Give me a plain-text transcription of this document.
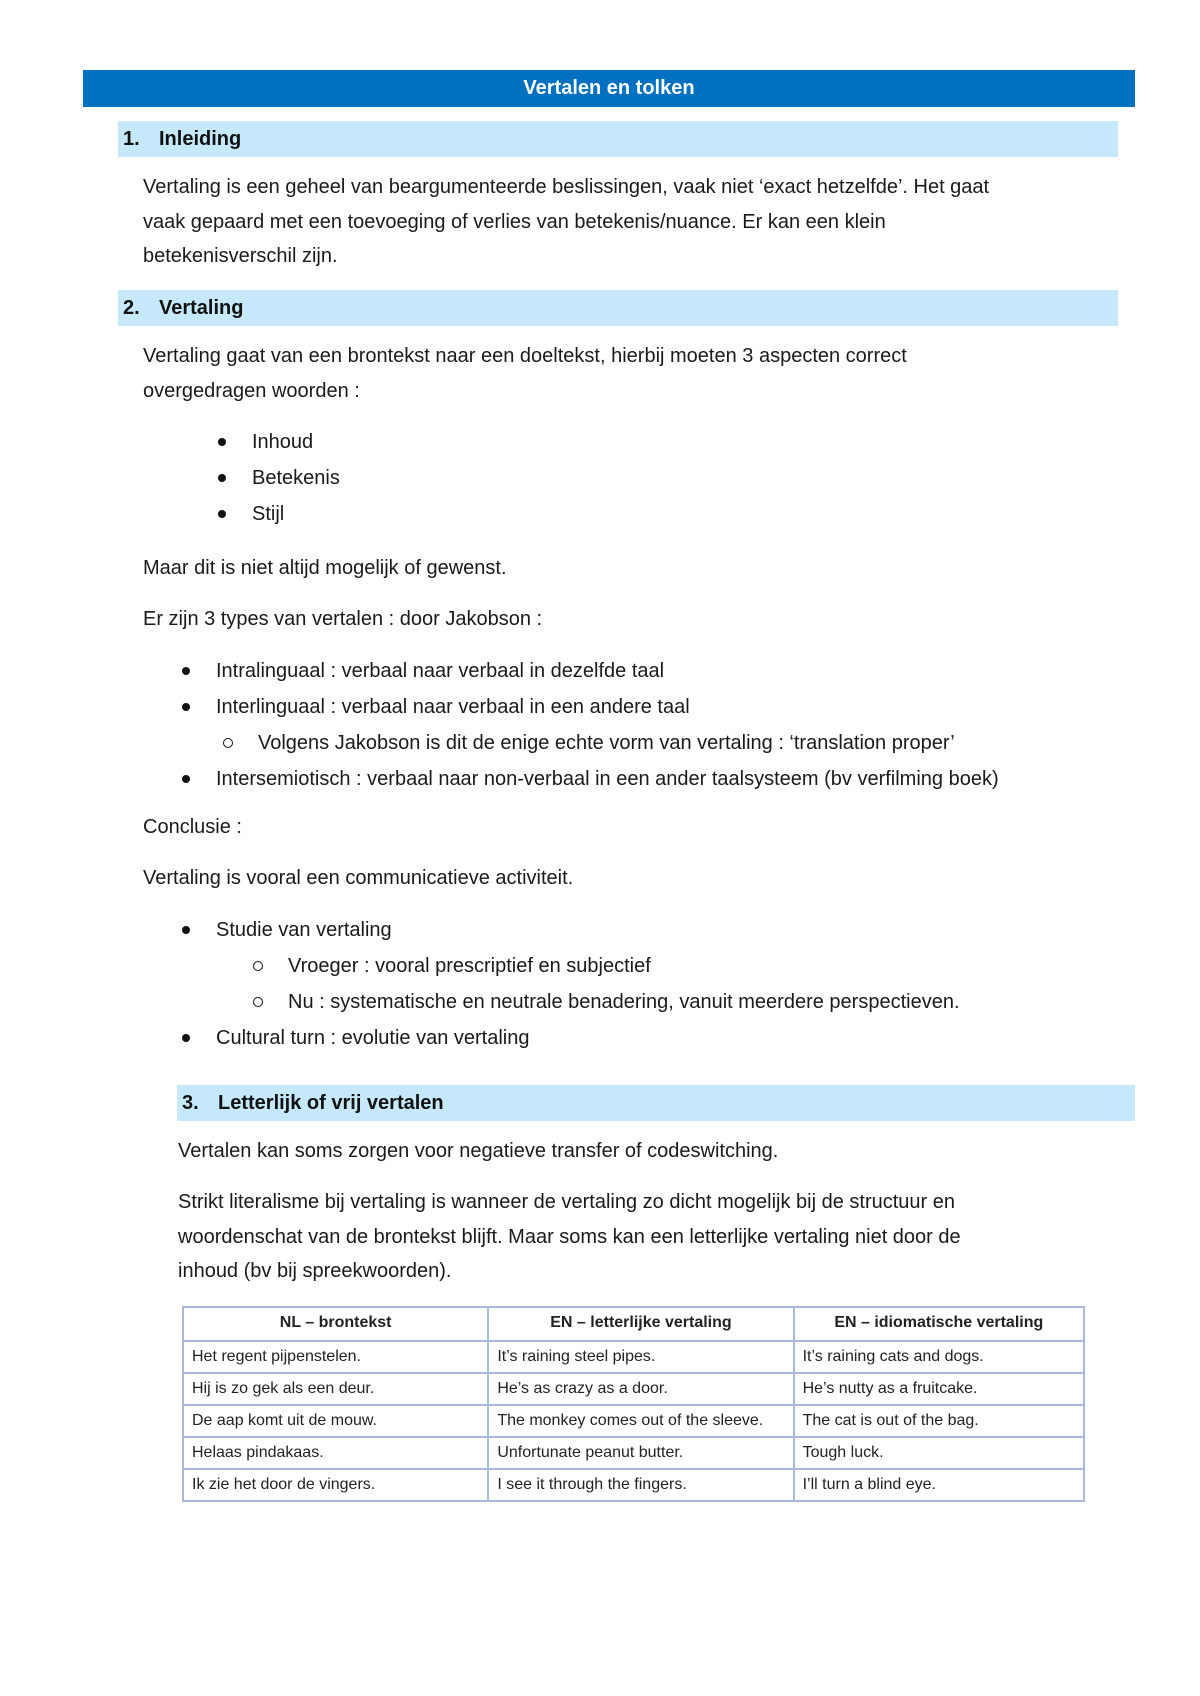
Vertalen en tolken
1. Inleiding
Vertaling is een geheel van beargumenteerde beslissingen, vaak niet ‘exact hetzelfde’. Het gaat
vaak gepaard met een toevoeging of verlies van betekenis/nuance. Er kan een klein
betekenisverschil zijn.
2. Vertaling
Vertaling gaat van een brontekst naar een doeltekst, hierbij moeten 3 aspecten correct
overgedragen woorden :
Inhoud
Betekenis
Stijl

Maar dit is niet altijd mogelijk of gewenst.

Er zijn 3 types van vertalen : door Jakobson :

Intralinguaal : verbaal naar verbaal in dezelfde taal
Interlinguaal : verbaal naar verbaal in een andere taal
Volgens Jakobson is dit de enige echte vorm van vertaling : ‘translation proper’
Intersemiotisch : verbaal naar non-verbaal in een ander taalsysteem (bv verfilming boek)

Conclusie :

Vertaling is vooral een communicatieve activiteit.

Studie van vertaling
Vroeger : vooral prescriptief en subjectief
Nu : systematische en neutrale benadering, vanuit meerdere perspectieven.
Cultural turn : evolutie van vertaling
3. Letterlijk of vrij vertalen

Vertalen kan soms zorgen voor negatieve transfer of codeswitching.

Strikt literalisme bij vertaling is wanneer de vertaling zo dicht mogelijk bij de structuur en
woordenschat van de brontekst blijft. Maar soms kan een letterlijke vertaling niet door de
inhoud (bv bij spreekwoorden).
NL – brontekst	EN – letterlijke vertaling	EN – idiomatische vertaling
Het regent pijpenstelen.	It’s raining steel pipes.	It’s raining cats and dogs.
Hij is zo gek als een deur.	He’s as crazy as a door.	He’s nutty as a fruitcake.
De aap komt uit de mouw.	The monkey comes out of the sleeve.	The cat is out of the bag.
Helaas pindakaas.	Unfortunate peanut butter.	Tough luck.
Ik zie het door de vingers.	I see it through the fingers.	I’ll turn a blind eye.
